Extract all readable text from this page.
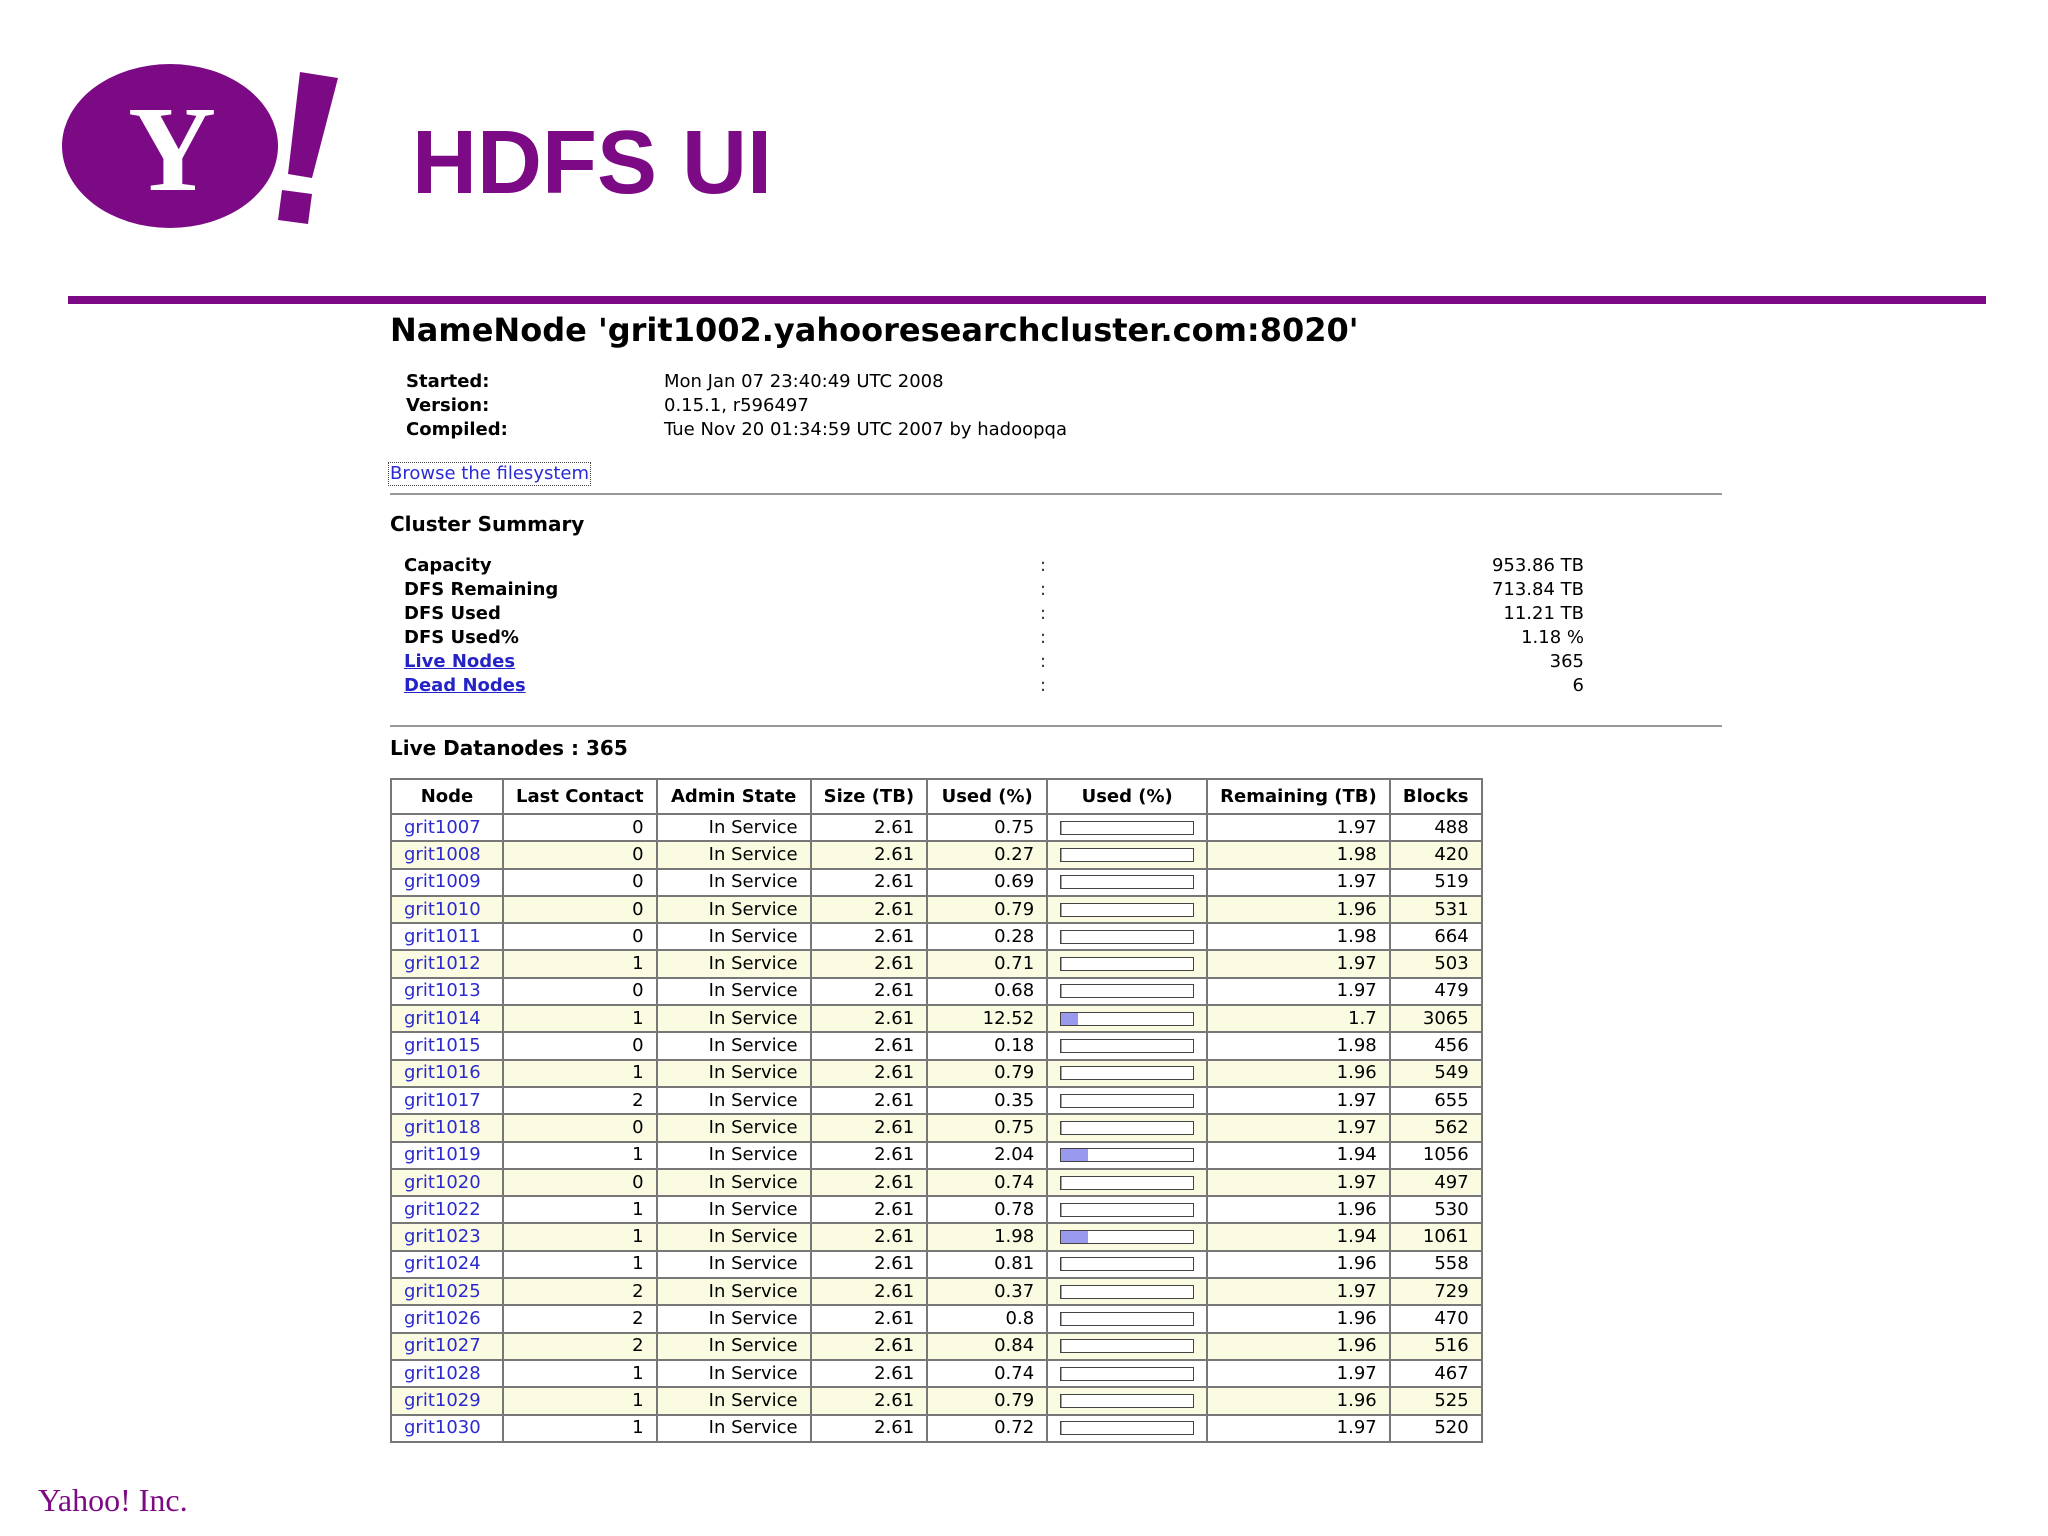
Y HDFS UI
Yahoo! Inc.
NameNode 'grit1002.yahooresearchcluster.com:8020'
Started:	Mon Jan 07 23:40:49 UTC 2008
Version:	0.15.1, r596497
Compiled:	Tue Nov 20 01:34:59 UTC 2007 by hadoopqa
Browse the filesystem
Cluster Summary
Capacity	:	953.86 TB
DFS Remaining	:	713.84 TB
DFS Used	:	11.21 TB
DFS Used%	:	1.18 %
Live Nodes	:	365
Dead Nodes	:	6
Live Datanodes : 365
Node	Last Contact	Admin State	Size (TB)	Used (%)	Used (%)	Remaining (TB)	Blocks
grit1007	0	In Service	2.61	0.75		1.97	488
grit1008	0	In Service	2.61	0.27		1.98	420
grit1009	0	In Service	2.61	0.69		1.97	519
grit1010	0	In Service	2.61	0.79		1.96	531
grit1011	0	In Service	2.61	0.28		1.98	664
grit1012	1	In Service	2.61	0.71		1.97	503
grit1013	0	In Service	2.61	0.68		1.97	479
grit1014	1	In Service	2.61	12.52		1.7	3065
grit1015	0	In Service	2.61	0.18		1.98	456
grit1016	1	In Service	2.61	0.79		1.96	549
grit1017	2	In Service	2.61	0.35		1.97	655
grit1018	0	In Service	2.61	0.75		1.97	562
grit1019	1	In Service	2.61	2.04		1.94	1056
grit1020	0	In Service	2.61	0.74		1.97	497
grit1022	1	In Service	2.61	0.78		1.96	530
grit1023	1	In Service	2.61	1.98		1.94	1061
grit1024	1	In Service	2.61	0.81		1.96	558
grit1025	2	In Service	2.61	0.37		1.97	729
grit1026	2	In Service	2.61	0.8		1.96	470
grit1027	2	In Service	2.61	0.84		1.96	516
grit1028	1	In Service	2.61	0.74		1.97	467
grit1029	1	In Service	2.61	0.79		1.96	525
grit1030	1	In Service	2.61	0.72		1.97	520
